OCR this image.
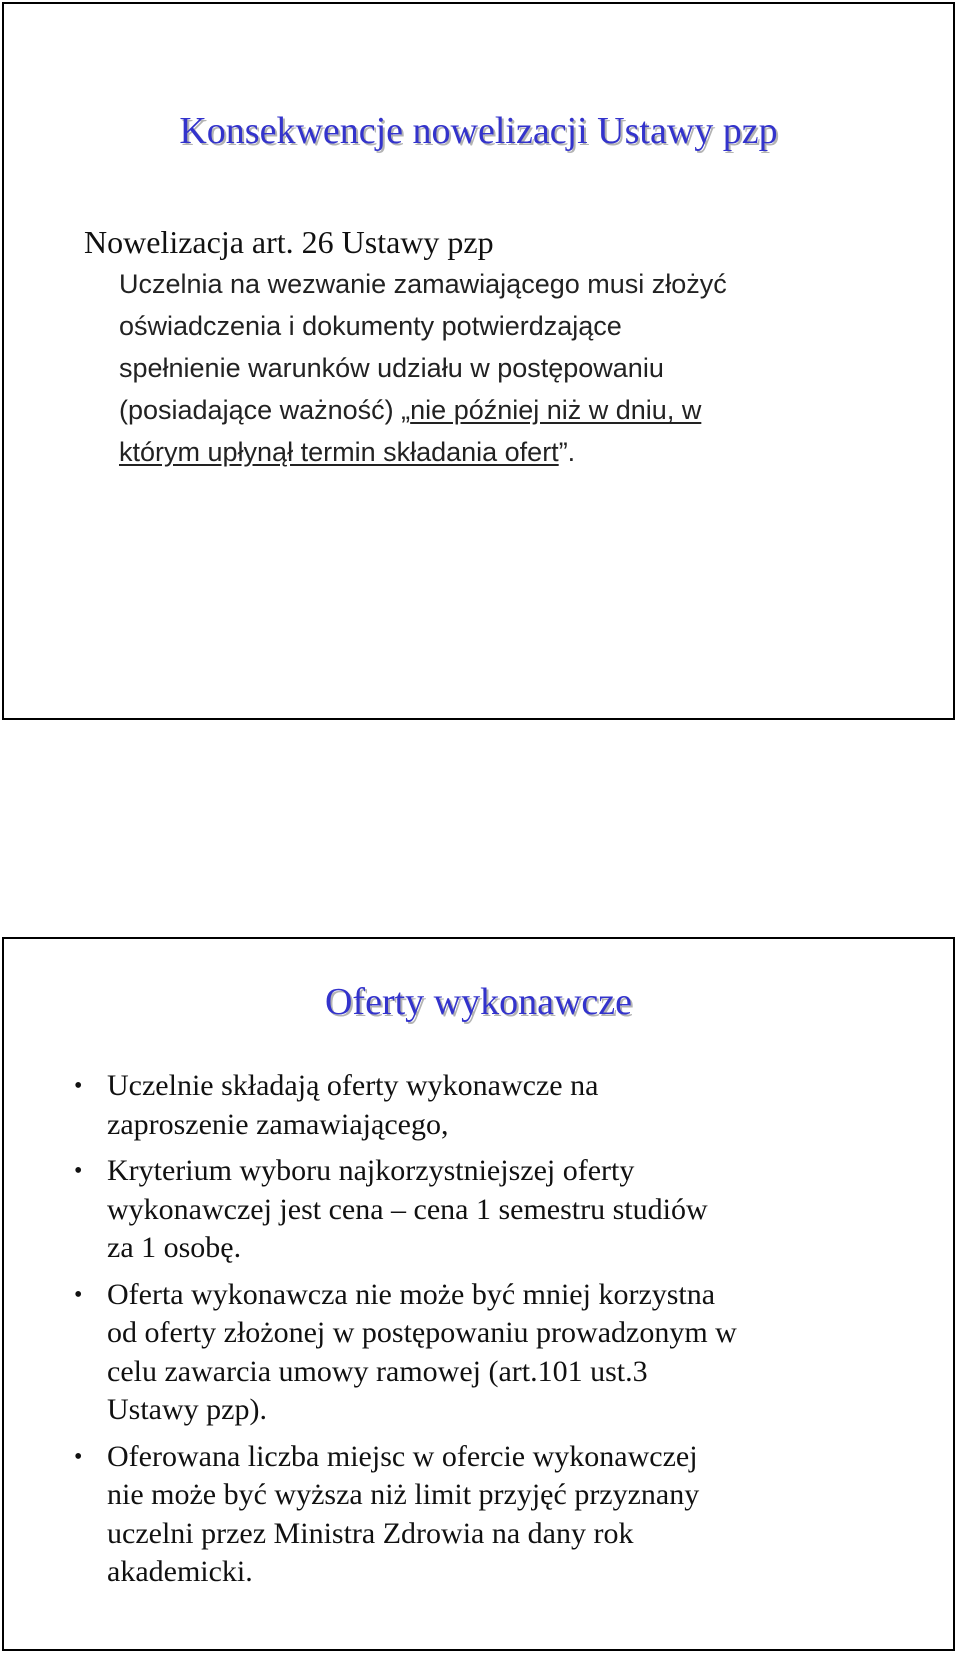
Konsekwencje nowelizacji Ustawy pzp
Nowelizacja art. 26 Ustawy pzp
Uczelnia na wezwanie zamawiającego musi złożyć
oświadczenia i dokumenty potwierdzające
spełnienie warunków udziału w postępowaniu
(posiadające ważność) „nie później niż w dniu, w
którym upłynął termin składania ofert”.
Oferty wykonawcze
• Uczelnie składają oferty wykonawcze na
zaproszenie zamawiającego,
• Kryterium wyboru najkorzystniejszej oferty
wykonawczej jest cena – cena 1 semestru studiów
za 1 osobę.
• Oferta wykonawcza nie może być mniej korzystna
od oferty złożonej w postępowaniu prowadzonym w
celu zawarcia umowy ramowej (art.101 ust.3
Ustawy pzp).
• Oferowana liczba miejsc w ofercie wykonawczej
nie może być wyższa niż limit przyjęć przyznany
uczelni przez Ministra Zdrowia na dany rok
akademicki.
